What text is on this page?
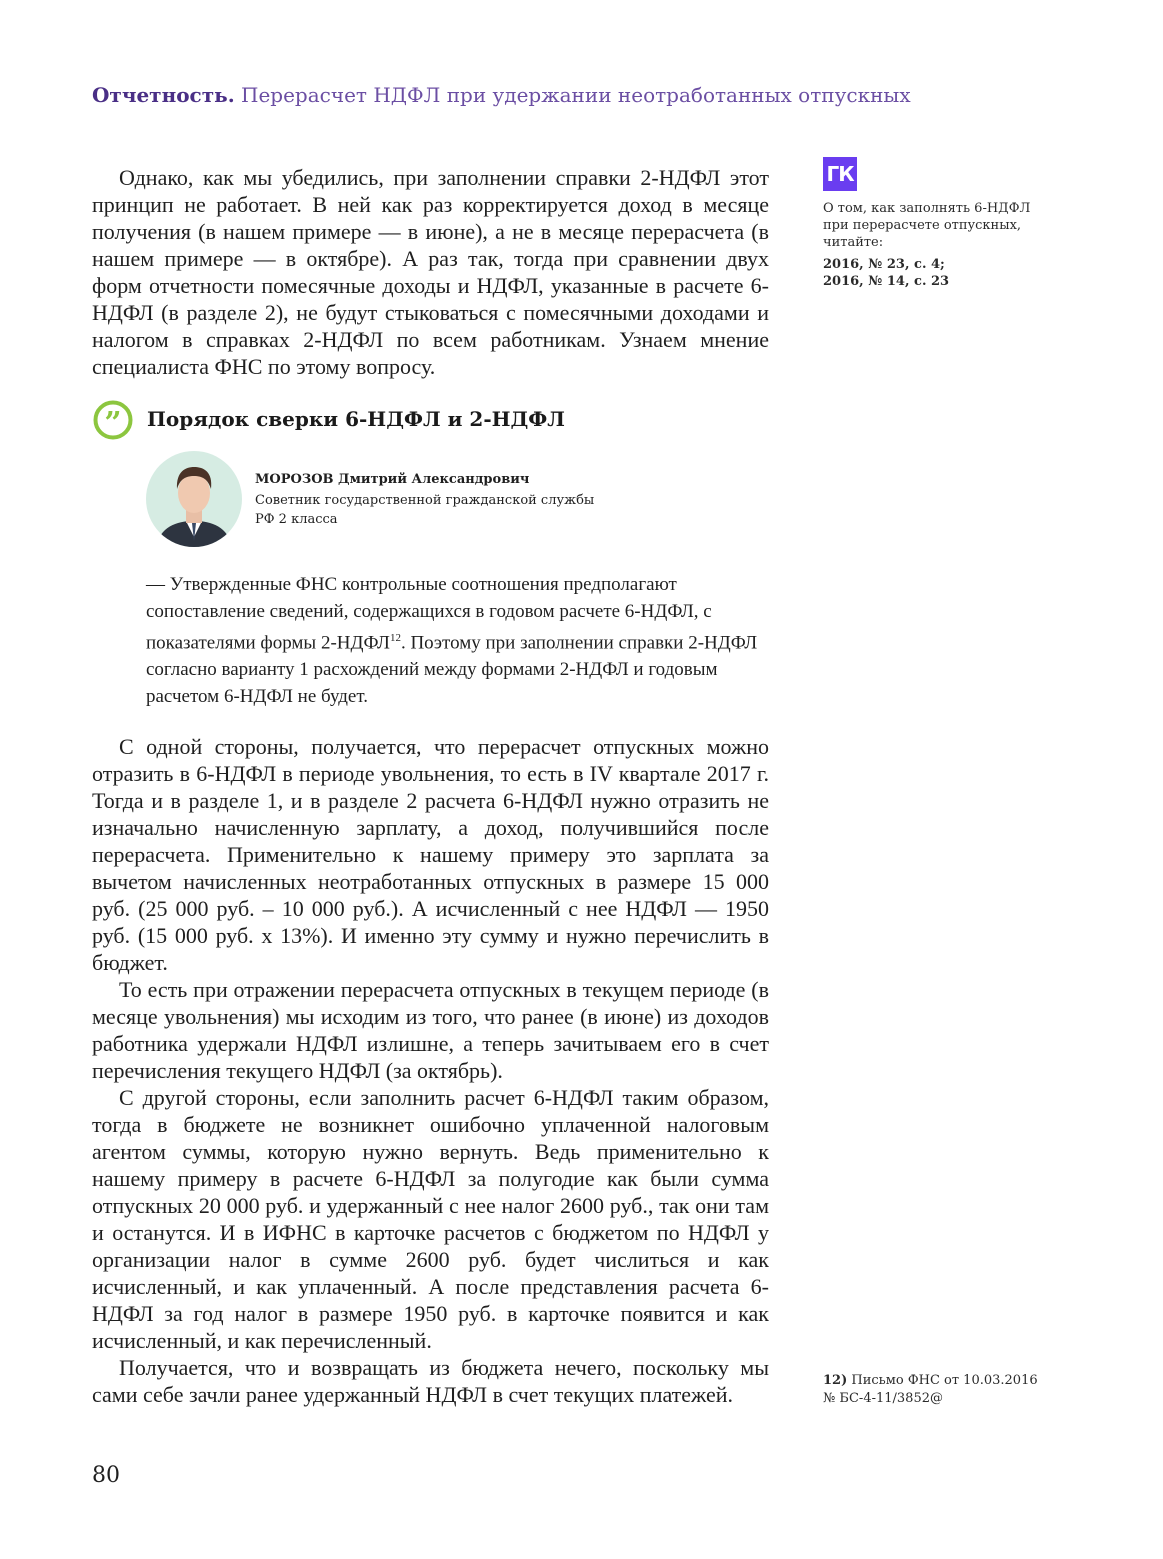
Отчетность. Перерасчет НДФЛ при удержании неотработанных отпускных

Однако, как мы убедились, при заполнении справки 2-НДФЛ этот принцип не работает. В ней как раз корректируется доход в месяце получения (в нашем примере — в июне), а не в месяце перерасчета (в нашем примере — в октябре). А раз так, тогда при сравнении двух форм отчетности помесячные доходы и НДФЛ, указанные в расчете 6-НДФЛ (в разделе 2), не будут стыковаться с помесячными доходами и налогом в справках 2-НДФЛ по всем работникам. Узнаем мнение специалиста ФНС по этому вопросу.

ГК
О том, как заполнять 6-НДФЛ при перерасчете отпускных, читайте:
2016, № 23, с. 4;
2016, № 14, с. 23
” Порядок сверки 6-НДФЛ и 2-НДФЛ
МОРОЗОВ Дмитрий Александрович
Советник государственной гражданской службы РФ 2 класса
— Утвержденные ФНС контрольные соотношения предполагают сопоставление сведений, содержащихся в годовом расчете 6-НДФЛ, с показателями формы 2-НДФЛ$^{12}$. Поэтому при заполнении справки 2-НДФЛ согласно варианту 1 расхождений между формами 2-НДФЛ и годовым расчетом 6-НДФЛ не будет.

С одной стороны, получается, что перерасчет отпускных можно отразить в 6-НДФЛ в периоде увольнения, то есть в IV квартале 2017 г. Тогда и в разделе 1, и в разделе 2 расчета 6-НДФЛ нужно отразить не изначально начисленную зарплату, а доход, получившийся после перерасчета. Применительно к нашему примеру это зарплата за вычетом начисленных неотработанных отпускных в размере 15 000 руб. (25 000 руб. – 10 000 руб.). А исчисленный с нее НДФЛ — 1950 руб. (15 000 руб. х 13%). И именно эту сумму и нужно перечислить в бюджет.

То есть при отражении перерасчета отпускных в текущем периоде (в месяце увольнения) мы исходим из того, что ранее (в июне) из доходов работника удержали НДФЛ излишне, а теперь зачитываем его в счет перечисления текущего НДФЛ (за октябрь).

С другой стороны, если заполнить расчет 6-НДФЛ таким образом, тогда в бюджете не возникнет ошибочно уплаченной налоговым агентом суммы, которую нужно вернуть. Ведь применительно к нашему примеру в расчете 6-НДФЛ за полугодие как были сумма отпускных 20 000 руб. и удержанный с нее налог 2600 руб., так они там и останутся. И в ИФНС в карточке расчетов с бюджетом по НДФЛ у организации налог в сумме 2600 руб. будет числиться и как исчисленный, и как уплаченный. А после представления расчета 6-НДФЛ за год налог в размере 1950 руб. в карточке появится и как исчисленный, и как перечисленный.

Получается, что и возвращать из бюджета нечего, поскольку мы сами себе зачли ранее удержанный НДФЛ в счет текущих платежей.

12) Письмо ФНС от 10.03.2016 № БС-4-11/3852@
80
